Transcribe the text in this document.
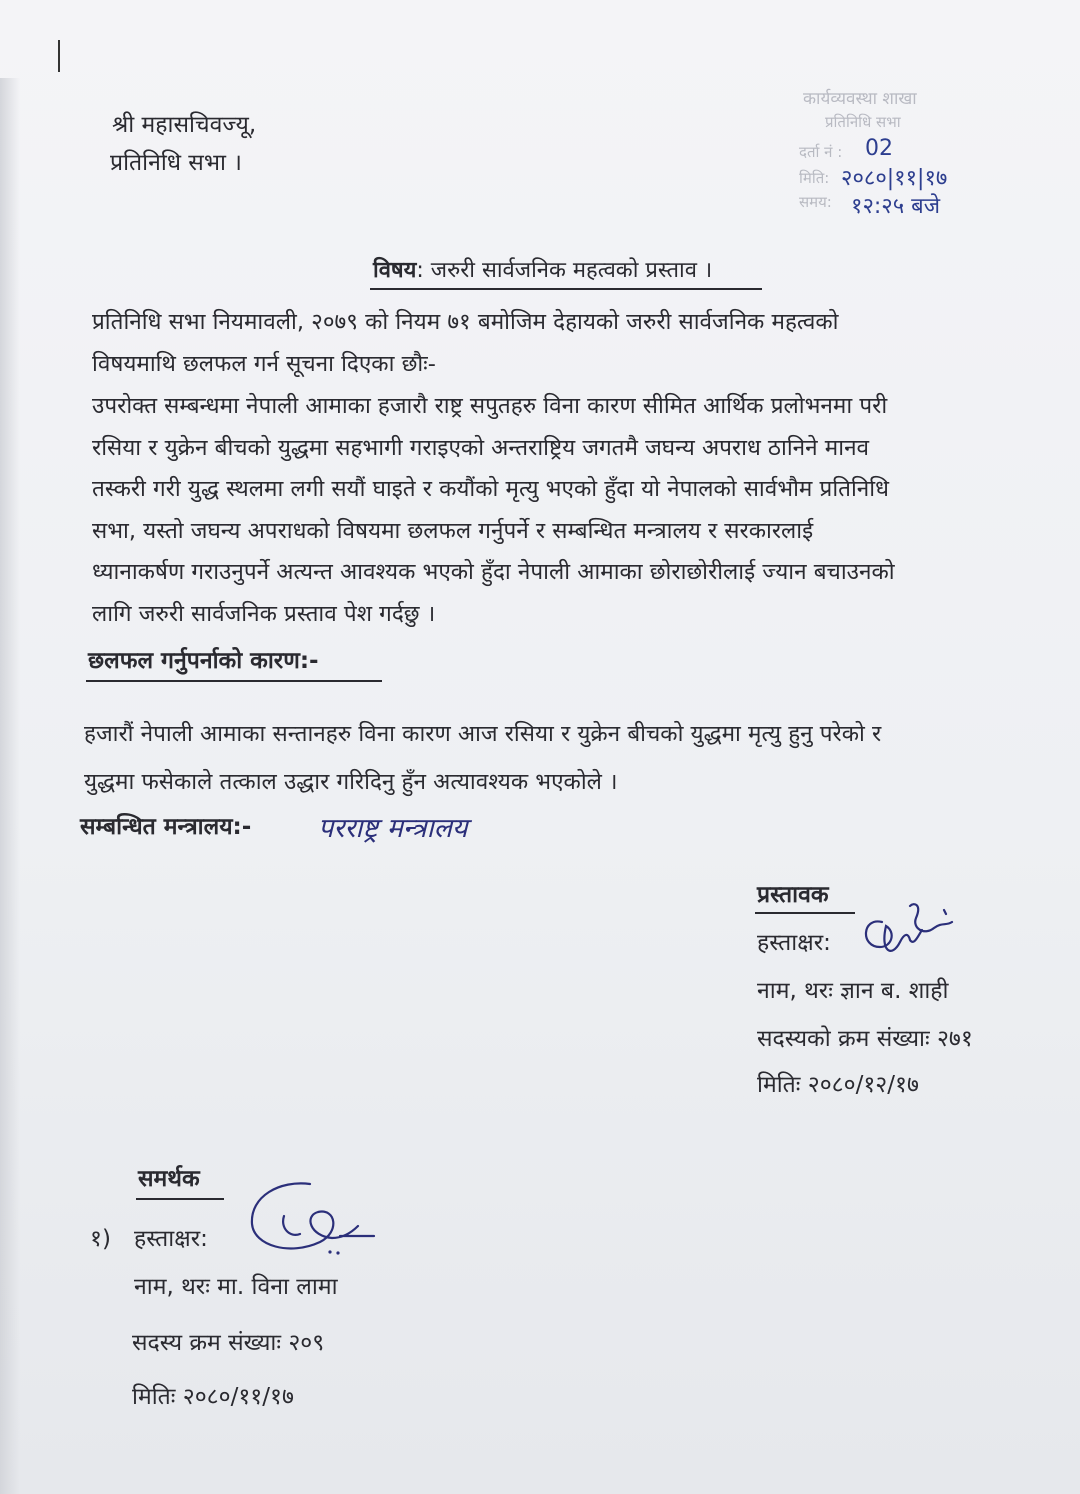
श्री महासचिवज्यू,
प्रतिनिधि सभा ।
कार्यव्यवस्था शाखा
प्रतिनिधि सभा
दर्ता नं : 02
मिति: २०८०|११|१७
समय: १२:२५ बजे
विषय: जरुरी सार्वजनिक महत्वको प्रस्ताव ।

प्रतिनिधि सभा नियमावली, २०७९ को नियम ७१ बमोजिम देहायको जरुरी सार्वजनिक महत्वको

विषयमाथि छलफल गर्न सूचना दिएका छौः-

उपरोक्त सम्बन्धमा नेपाली आमाका हजारौ राष्ट्र सपुतहरु विना कारण सीमित आर्थिक प्रलोभनमा परी

रसिया र युक्रेन बीचको युद्धमा सहभागी गराइएको अन्तराष्ट्रिय जगतमै जघन्य अपराध ठानिने मानव

तस्करी गरी युद्ध स्थलमा लगी सयौं घाइते र कयौंको मृत्यु भएको हुँदा यो नेपालको सार्वभौम प्रतिनिधि

सभा, यस्तो जघन्य अपराधको विषयमा छलफल गर्नुपर्ने र सम्बन्धित मन्त्रालय र सरकारलाई

ध्यानाकर्षण गराउनुपर्ने अत्यन्त आवश्यक भएको हुँदा नेपाली आमाका छोराछोरीलाई ज्यान बचाउनको

लागि जरुरी सार्वजनिक प्रस्ताव पेश गर्दछु ।

छलफल गर्नुपर्नाको कारण:-

हजारौं नेपाली आमाका सन्तानहरु विना कारण आज रसिया र युक्रेन बीचको युद्धमा मृत्यु हुनु परेको र

युद्धमा फसेकाले तत्काल उद्धार गरिदिनु हुँन अत्यावश्यक भएकोले ।

सम्बन्धित मन्त्रालय:- परराष्ट्र मन्त्रालय
प्रस्तावक
हस्ताक्षर:
नाम, थरः ज्ञान ब. शाही
सदस्यको क्रम संख्याः २७१
मितिः २०८०/१२/१७
समर्थक
१) हस्ताक्षर:
नाम, थरः मा. विना लामा
सदस्य क्रम संख्याः २०९
मितिः २०८०/११/१७
